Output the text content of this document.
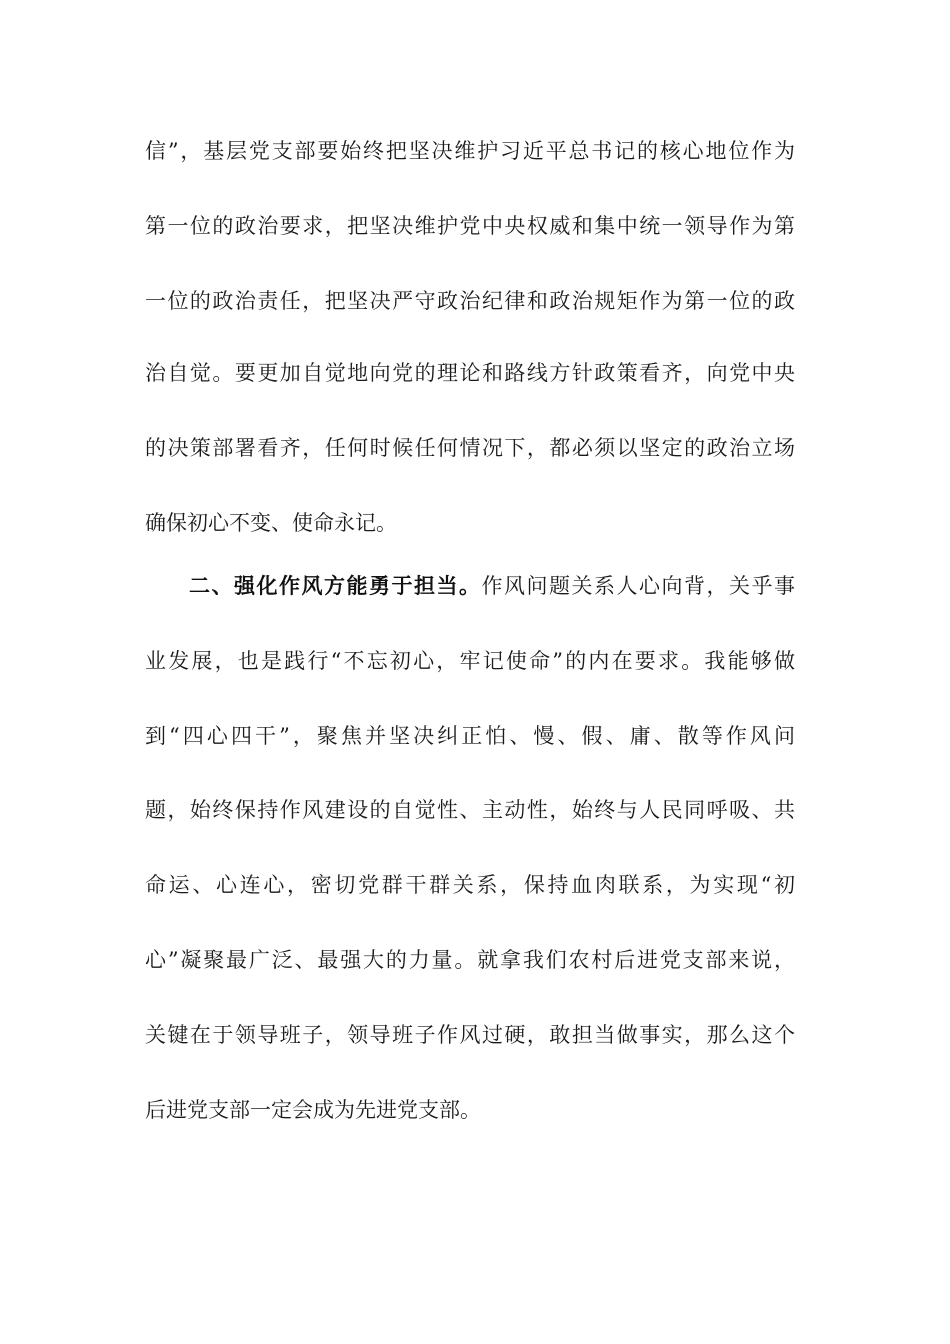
信”，基层党支部要始终把坚决维护习近平总书记的核心地位作为
第一位的政治要求，把坚决维护党中央权威和集中统一领导作为第
一位的政治责任，把坚决严守政治纪律和政治规矩作为第一位的政
治自觉。要更加自觉地向党的理论和路线方针政策看齐，向党中央
的决策部署看齐，任何时候任何情况下，都必须以坚定的政治立场
确保初心不变、使命永记。
二、强化作风方能勇于担当。作风问题关系人心向背，关乎事
业发展，也是践行“不忘初心，牢记使命”的内在要求。我能够做
到“四心四干”，聚焦并坚决纠正怕、慢、假、庸、散等作风问
题，始终保持作风建设的自觉性、主动性，始终与人民同呼吸、共
命运、心连心，密切党群干群关系，保持血肉联系，为实现“初
心”凝聚最广泛、最强大的力量。就拿我们农村后进党支部来说，
关键在于领导班子，领导班子作风过硬，敢担当做事实，那么这个
后进党支部一定会成为先进党支部。
